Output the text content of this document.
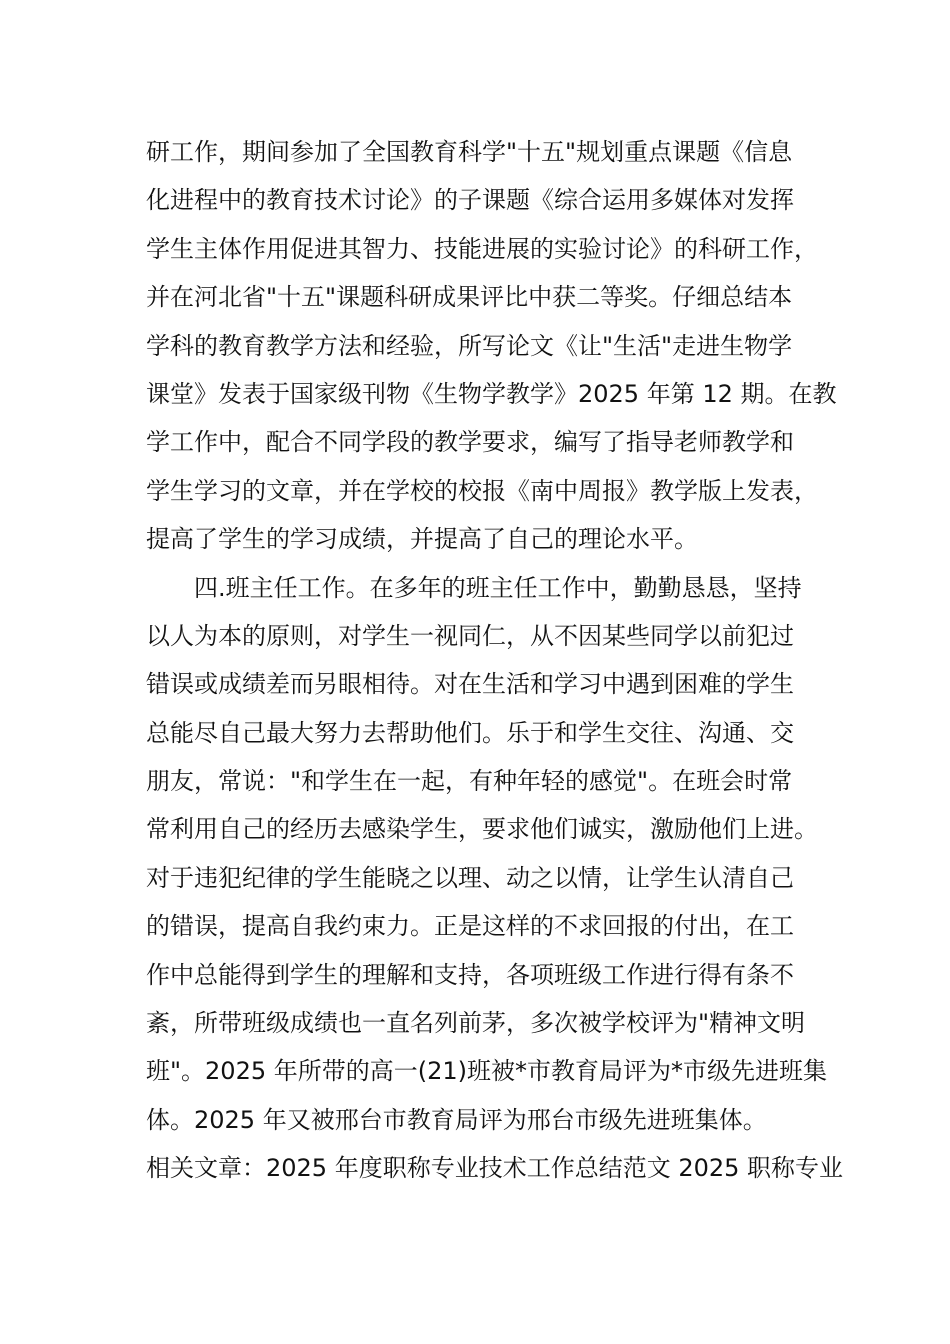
研工作，期间参加了全国教育科学"十五"规划重点课题《信息
化进程中的教育技术讨论》的子课题《综合运用多媒体对发挥
学生主体作用促进其智力、技能进展的实验讨论》的科研工作，
并在河北省"十五"课题科研成果评比中获二等奖。仔细总结本
学科的教育教学方法和经验，所写论文《让"生活"走进生物学
课堂》发表于国家级刊物《生物学教学》2025 年第 12 期。在教
学工作中，配合不同学段的教学要求，编写了指导老师教学和
学生学习的文章，并在学校的校报《南中周报》教学版上发表，
提高了学生的学习成绩，并提高了自己的理论水平。
四.班主任工作。在多年的班主任工作中，勤勤恳恳，坚持
以人为本的原则，对学生一视同仁，从不因某些同学以前犯过
错误或成绩差而另眼相待。对在生活和学习中遇到困难的学生
总能尽自己最大努力去帮助他们。乐于和学生交往、沟通、交
朋友，常说："和学生在一起，有种年轻的感觉"。在班会时常
常利用自己的经历去感染学生，要求他们诚实，激励他们上进。
对于违犯纪律的学生能晓之以理、动之以情，让学生认清自己
的错误，提高自我约束力。正是这样的不求回报的付出，在工
作中总能得到学生的理解和支持，各项班级工作进行得有条不
紊，所带班级成绩也一直名列前茅，多次被学校评为"精神文明
班"。2025 年所带的高一(21)班被*市教育局评为*市级先进班集
体。2025 年又被邢台市教育局评为邢台市级先进班集体。
相关文章：2025 年度职称专业技术工作总结范文 2025 职称专业
